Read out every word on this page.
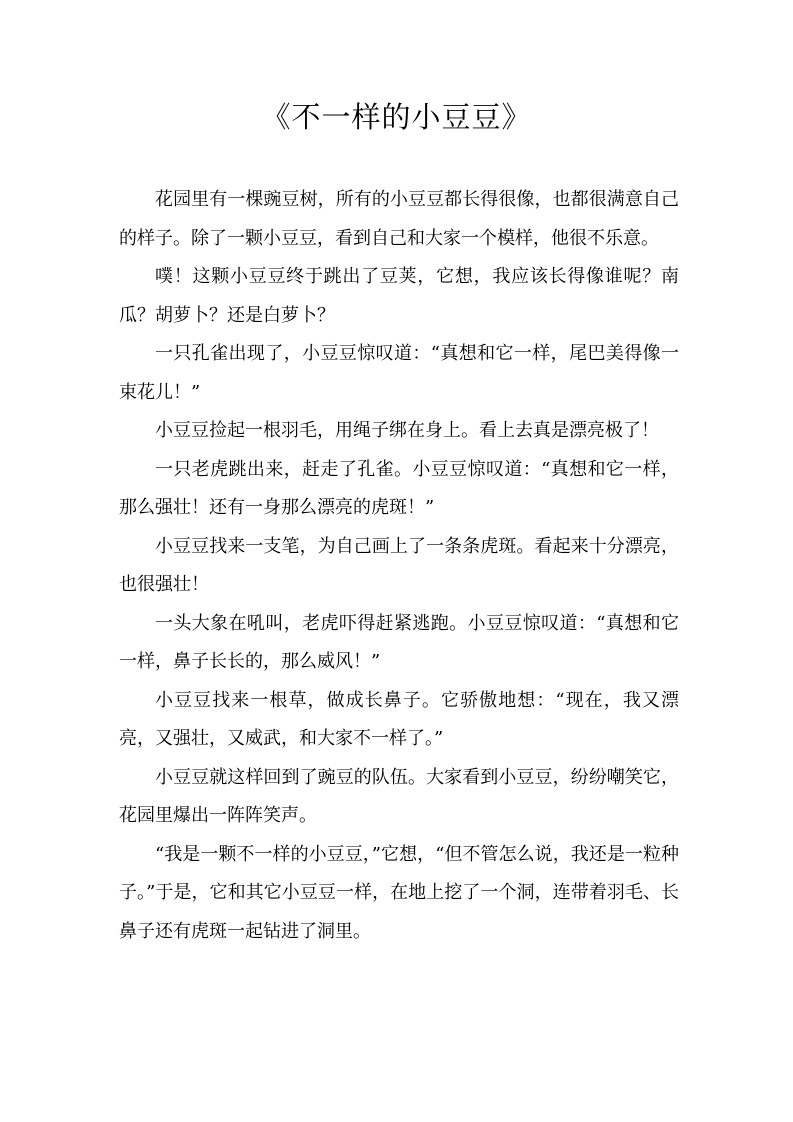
《不一样的小豆豆》

花园里有一棵豌豆树，所有的小豆豆都长得很像，也都很满意自己的样子。除了一颗小豆豆，看到自己和大家一个模样，他很不乐意。

噗！这颗小豆豆终于跳出了豆荚，它想，我应该长得像谁呢？南瓜？胡萝卜？还是白萝卜？

一只孔雀出现了，小豆豆惊叹道：“真想和它一样，尾巴美得像一束花儿！”

小豆豆捡起一根羽毛，用绳子绑在身上。看上去真是漂亮极了！

一只老虎跳出来，赶走了孔雀。小豆豆惊叹道：“真想和它一样，那么强壮！还有一身那么漂亮的虎斑！”

小豆豆找来一支笔，为自己画上了一条条虎斑。看起来十分漂亮，也很强壮！

一头大象在吼叫，老虎吓得赶紧逃跑。小豆豆惊叹道：“真想和它一样，鼻子长长的，那么威风！”

小豆豆找来一根草，做成长鼻子。它骄傲地想：“现在，我又漂亮，又强壮，又威武，和大家不一样了。”

小豆豆就这样回到了豌豆的队伍。大家看到小豆豆，纷纷嘲笑它，花园里爆出一阵阵笑声。

“我是一颗不一样的小豆豆，”它想，“但不管怎么说，我还是一粒种子。”于是，它和其它小豆豆一样，在地上挖了一个洞，连带着羽毛、长鼻子还有虎斑一起钻进了洞里。
